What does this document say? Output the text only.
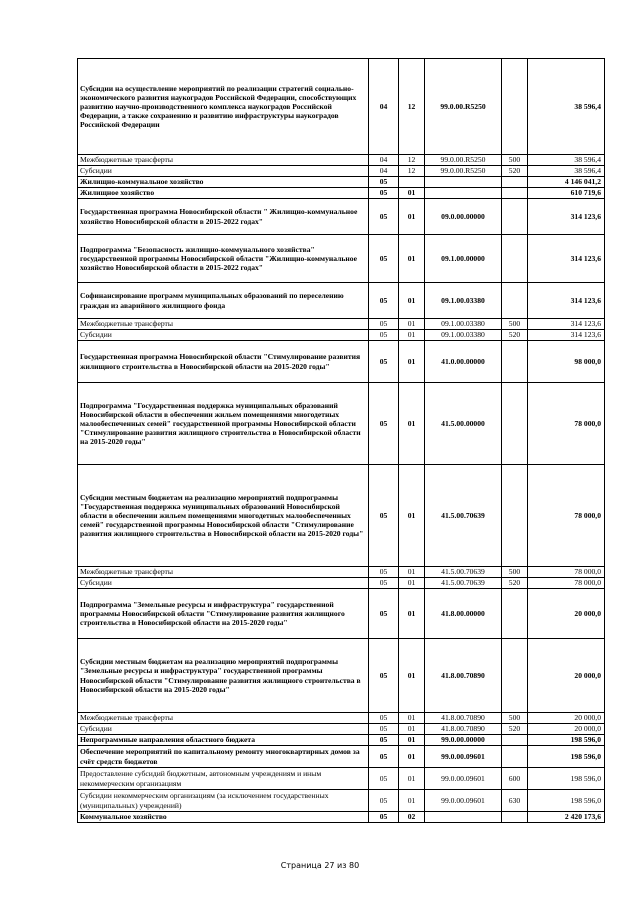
Субсидии на осуществление мероприятий по реализации стратегий социально-экономического развития наукоградов Российской Федерации, способствующих развитию научно-производственного комплекса наукоградов Российской Федерации, а также сохранению и развитию инфраструктуры наукоградов Российской Федерации	04	12	99.0.00.R5250		38 596,4
Межбюджетные трансферты	04	12	99.0.00.R5250	500	38 596,4
Субсидии	04	12	99.0.00.R5250	520	38 596,4
Жилищно-коммунальное хозяйство	05				4 146 041,2
Жилищное хозяйство	05	01			610 719,6
Государственная программа Новосибирской области " Жилищно-коммунальное хозяйство Новосибирской области в 2015-2022 годах"	05	01	09.0.00.00000		314 123,6
Подпрограмма "Безопасность жилищно-коммунального хозяйства" государственной программы Новосибирской области "Жилищно-коммунальное хозяйство Новосибирской области в 2015-2022 годах"	05	01	09.1.00.00000		314 123,6
Софинансирование программ муниципальных образований по переселению граждан из аварийного жилищного фонда	05	01	09.1.00.03380		314 123,6
Межбюджетные трансферты	05	01	09.1.00.03380	500	314 123,6
Субсидии	05	01	09.1.00.03380	520	314 123,6
Государственная программа Новосибирской области "Стимулирование развития жилищного строительства в Новосибирской области на 2015-2020 годы"	05	01	41.0.00.00000		98 000,0
Подпрограмма "Государственная поддержка муниципальных образований Новосибирской области в обеспечении жильем помещениями многодетных малообеспеченных семей" государственной программы Новосибирской области "Стимулирование развития жилищного строительства в Новосибирской области на 2015-2020 годы"	05	01	41.5.00.00000		78 000,0
Субсидии местным бюджетам на реализацию мероприятий подпрограммы "Государственная поддержка муниципальных образований Новосибирской области в обеспечении жильем помещениями многодетных малообеспеченных семей" государственной программы Новосибирской области "Стимулирование развития жилищного строительства в Новосибирской области на 2015-2020 годы"	05	01	41.5.00.70639		78 000,0
Межбюджетные трансферты	05	01	41.5.00.70639	500	78 000,0
Субсидии	05	01	41.5.00.70639	520	78 000,0
Подпрограмма "Земельные ресурсы и инфраструктура" государственной программы Новосибирской области "Стимулирование развития жилищного строительства в Новосибирской области на 2015-2020 годы"	05	01	41.8.00.00000		20 000,0
Субсидии местным бюджетам на реализацию мероприятий подпрограммы "Земельные ресурсы и инфраструктура" государственной программы Новосибирской области "Стимулирование развития жилищного строительства в Новосибирской области на 2015-2020 годы"	05	01	41.8.00.70890		20 000,0
Межбюджетные трансферты	05	01	41.8.00.70890	500	20 000,0
Субсидии	05	01	41.8.00.70890	520	20 000,0
Непрограммные направления областного бюджета	05	01	99.0.00.00000		198 596,0
Обеспечение мероприятий по капитальному ремонту многоквартирных домов за счёт средств бюджетов	05	01	99.0.00.09601		198 596,0
Предоставление субсидий бюджетным, автономным учреждениям и иным некоммерческим организациям	05	01	99.0.00.09601	600	198 596,0
Субсидии некоммерческим организациям (за исключением государственных (муниципальных) учреждений)	05	01	99.0.00.09601	630	198 596,0
Коммунальное хозяйство	05	02			2 420 173,6
Страница 27 из 80
